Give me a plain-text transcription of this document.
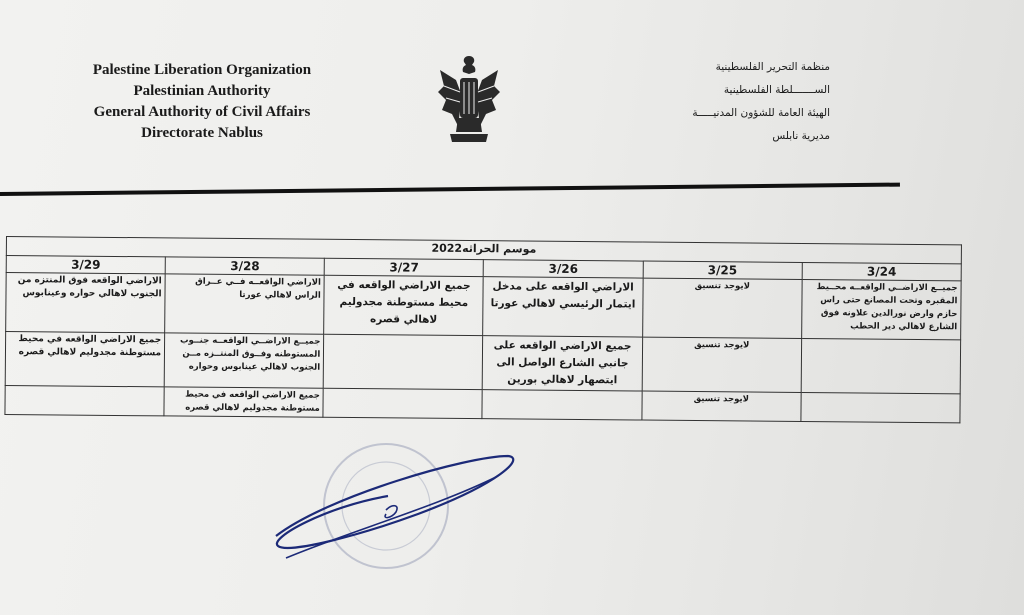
Palestine Liberation Organization
Palestinian Authority
General Authority of Civil Affairs
Directorate Nablus
منظمة التحرير الفلسطينية
الســـــــلطة الفلسطينية
الهيئة العامة للشؤون المدنيـــــة
مديرية نابلس
موسم الحراثه2022					
3/29	3/28	3/27	3/26	3/25	3/24
الاراضي الواقعه فوق المنتزه من الجنوب لاهالي حواره وعينابوس	الاراضي الواقعــه فــي عــراق الراس لاهالي عورتا	جميع الاراضي الواقعه في محيط مستوطنة مجدوليم لاهالي قصره	الاراضي الواقعه على مدخل ايتمار الرئيسي لاهالي عورتا	لايوجد تنسيق	جميــع الاراضــي الواقعــه محــيط المقبره وتحت المصانع حتى راس حازم وارض نورالدين علاونه فوق الشارع لاهالي دير الحطب
جميع الاراضي الواقعه في محيط مستوطنة مجدوليم لاهالي قصره	جميــع الاراضــي الواقعــه جنــوب المستوطنه وفــوق المنتــزه مــن الجنوب لاهالي عينابوس وحواره		جميع الاراضي الواقعه على جانبي الشارع الواصل الى ايتصهار لاهالي بورين	لايوجد تنسيق	
	جميع الاراضي الواقعه في محيط مستوطنة مجدوليم لاهالي قصره			لايوجد تنسيق	
